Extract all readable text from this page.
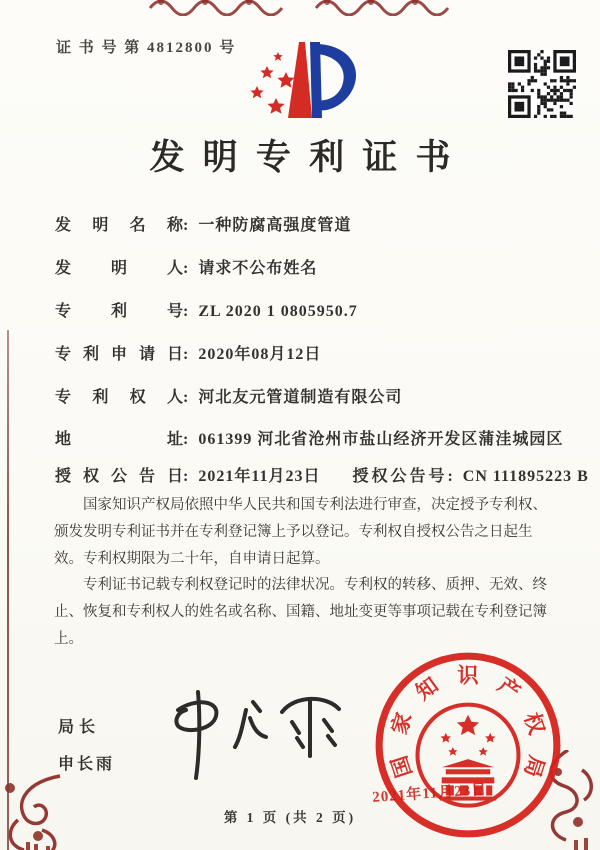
证 书 号 第 4812800 号
发明专利证书
发明名称: 一种防腐高强度管道
发明人: 请求不公布姓名
专利号: ZL 2020 1 0805950.7
专利申请日: 2020年08月12日
专利权人: 河北友元管道制造有限公司
地址: 061399 河北省沧州市盐山经济开发区蒲洼城园区
授权公告日: 2021年11月23日 授权公告号: CN 111895223 B

国家知识产权局依照中华人民共和国专利法进行审查，决定授予专利权、颁发发明专利证书并在专利登记簿上予以登记。专利权自授权公告之日起生效。专利权期限为二十年，自申请日起算。

专利证书记载专利权登记时的法律状况。专利权的转移、质押、无效、终止、恢复和专利权人的姓名或名称、国籍、地址变更等事项记载在专利登记簿上。

局长
申长雨	国
家
知 识 产
权
局
2021年11月23日
第 1 页 (共 2 页)
